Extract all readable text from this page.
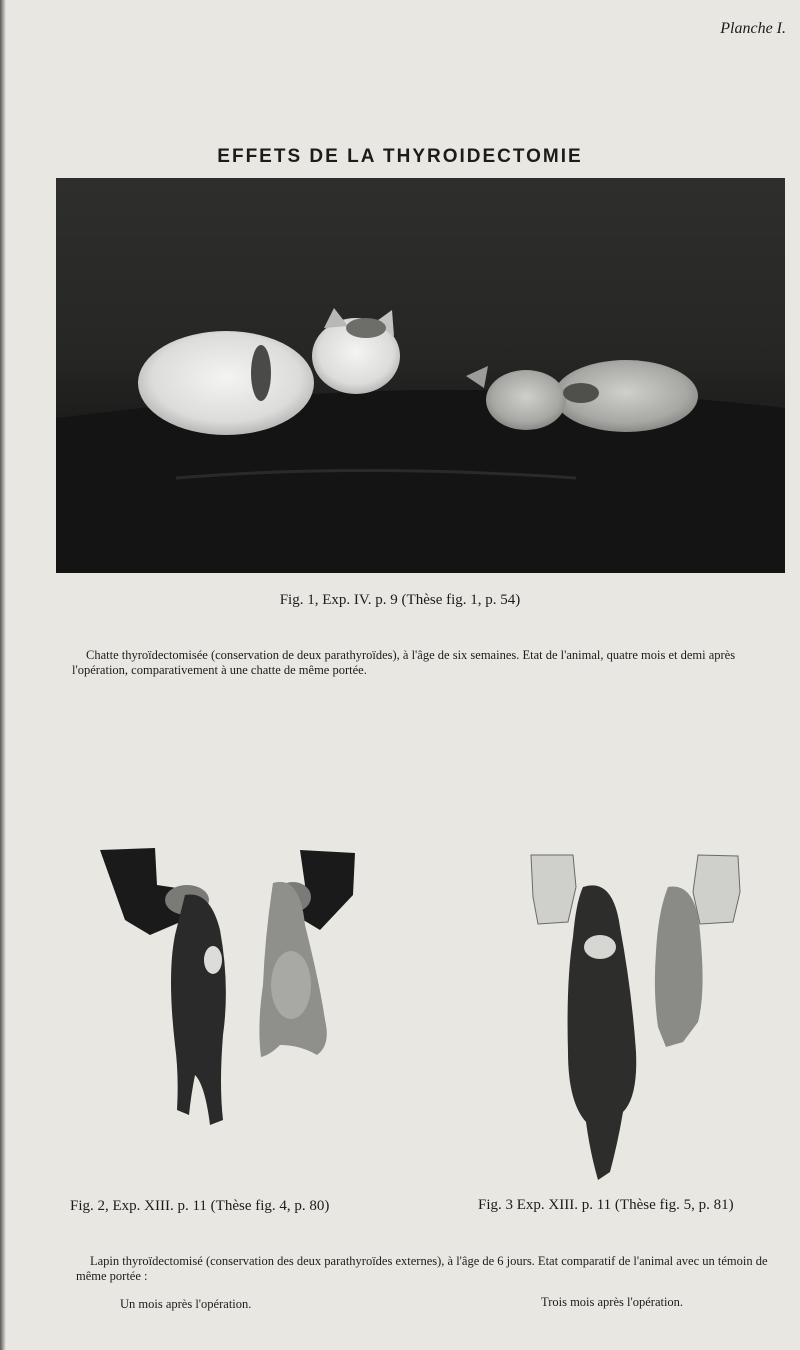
Planche I.
EFFETS DE LA THYROIDECTOMIE
Fig. 1, Exp. IV. p. 9 (Thèse fig. 1, p. 54)
Chatte thyroïdectomisée (conservation de deux parathyroïdes), à l'âge de six semaines. Etat de l'animal, quatre mois et demi après l'opération, comparativement à une chatte de même portée.
Fig. 2, Exp. XIII. p. 11 (Thèse fig. 4, p. 80)	Fig. 3 Exp. XIII. p. 11 (Thèse fig. 5, p. 81)
Lapin thyroïdectomisé (conservation des deux parathyroïdes externes), à l'âge de 6 jours. Etat comparatif de l'animal avec un témoin de même portée :
Un mois après l'opération.	Trois mois après l'opération.
